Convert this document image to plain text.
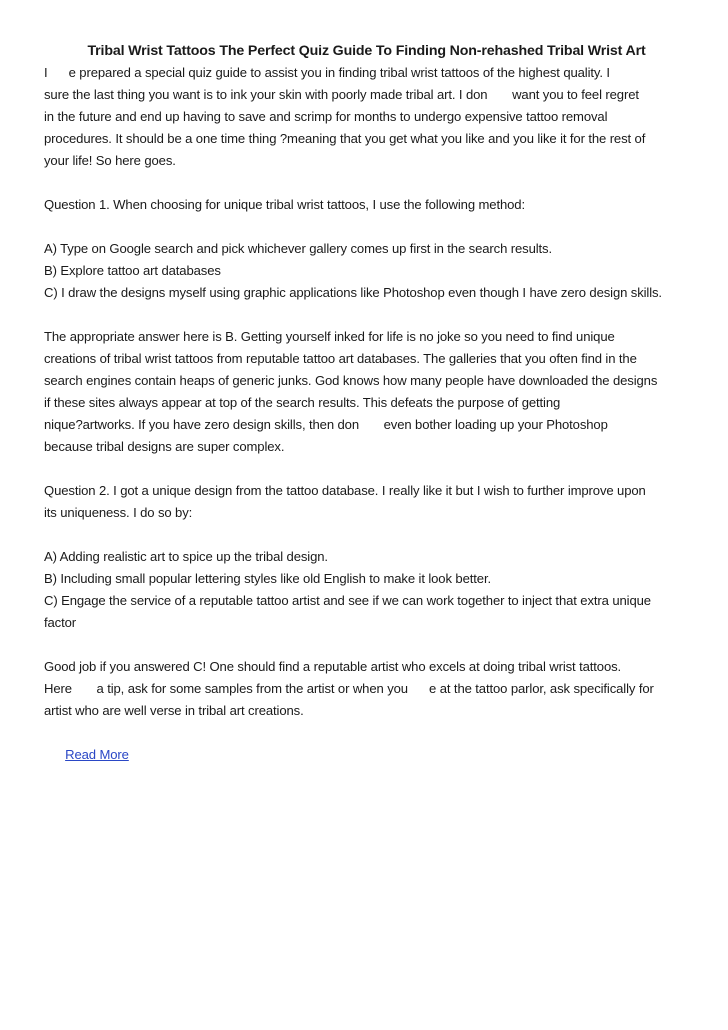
Tribal Wrist Tattoos The Perfect Quiz Guide To Finding Non-rehashed Tribal Wrist Art
I      e prepared a special quiz guide to assist you in finding tribal wrist tattoos of the highest quality. I
sure the last thing you want is to ink your skin with poorly made tribal art. I don       want you to feel regret
in the future and end up having to save and scrimp for months to undergo expensive tattoo removal
procedures. It should be a one time thing ?meaning that you get what you like and you like it for the rest of
your life! So here goes.
Question 1. When choosing for unique tribal wrist tattoos, I use the following method:
A) Type on Google search and pick whichever gallery comes up first in the search results.
B) Explore tattoo art databases
C) I draw the designs myself using graphic applications like Photoshop even though I have zero design skills.
The appropriate answer here is B. Getting yourself inked for life is no joke so you need to find unique
creations of tribal wrist tattoos from reputable tattoo art databases. The galleries that you often find in the
search engines contain heaps of generic junks. God knows how many people have downloaded the designs
if these sites always appear at top of the search results. This defeats the purpose of getting
nique?artworks. If you have zero design skills, then don       even bother loading up your Photoshop
because tribal designs are super complex.
Question 2. I got a unique design from the tattoo database. I really like it but I wish to further improve upon
its uniqueness. I do so by:
A) Adding realistic art to spice up the tribal design.
B) Including small popular lettering styles like old English to make it look better.
C) Engage the service of a reputable tattoo artist and see if we can work together to inject that extra unique
factor
Good job if you answered C! One should find a reputable artist who excels at doing tribal wrist tattoos.
Here       a tip, ask for some samples from the artist or when you      e at the tattoo parlor, ask specifically for
artist who are well verse in tribal art creations.

Read More
